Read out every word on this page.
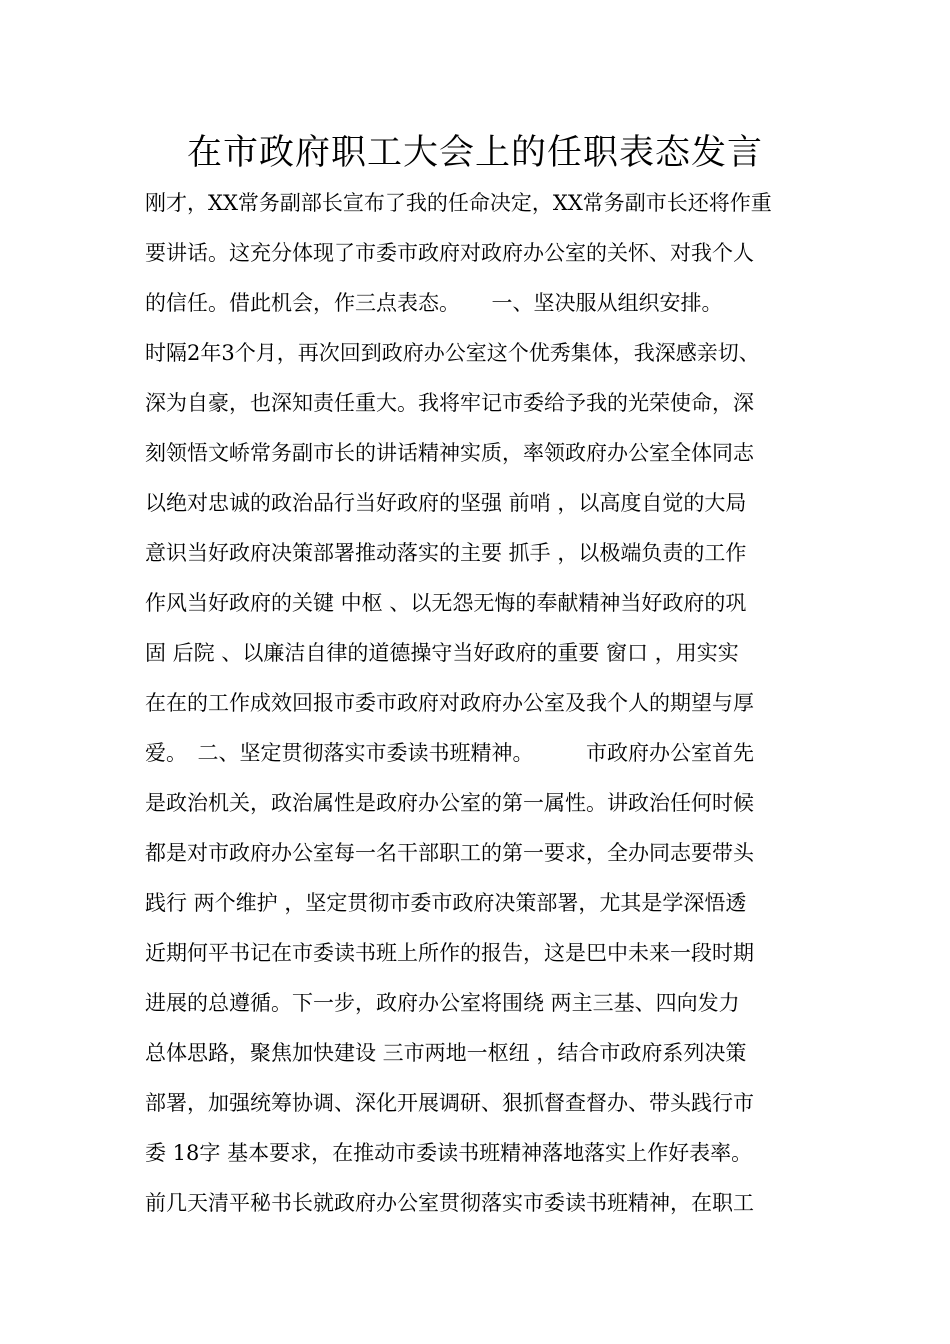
在市政府职工大会上的任职表态发言
刚才，XX常务副部长宣布了我的任命决定，XX常务副市长还将作重
要讲话。这充分体现了市委市政府对政府办公室的关怀、对我个人
的信任。借此机会，作三点表态。　　一、坚决服从组织安排。
时隔2年3个月，再次回到政府办公室这个优秀集体，我深感亲切、
深为自豪，也深知责任重大。我将牢记市委给予我的光荣使命，深
刻领悟文峤常务副市长的讲话精神实质，率领政府办公室全体同志
以绝对忠诚的政治品行当好政府的坚强 前哨 ，以高度自觉的大局
意识当好政府决策部署推动落实的主要 抓手 ，以极端负责的工作
作风当好政府的关键 中枢 、以无怨无悔的奉献精神当好政府的巩
固 后院 、以廉洁自律的道德操守当好政府的重要 窗口 ，用实实
在在的工作成效回报市委市政府对政府办公室及我个人的期望与厚
爱。　二、坚定贯彻落实市委读书班精神。　　　市政府办公室首先
是政治机关，政治属性是政府办公室的第一属性。讲政治任何时候
都是对市政府办公室每一名干部职工的第一要求，全办同志要带头
践行 两个维护 ，坚定贯彻市委市政府决策部署，尤其是学深悟透
近期何平书记在市委读书班上所作的报告，这是巴中未来一段时期
进展的总遵循。下一步，政府办公室将围绕 两主三基、四向发力
总体思路，聚焦加快建设 三市两地一枢纽 ，结合市政府系列决策
部署，加强统筹协调、深化开展调研、狠抓督查督办、带头践行市
委 18字 基本要求，在推动市委读书班精神落地落实上作好表率。
前几天清平秘书长就政府办公室贯彻落实市委读书班精神，在职工
